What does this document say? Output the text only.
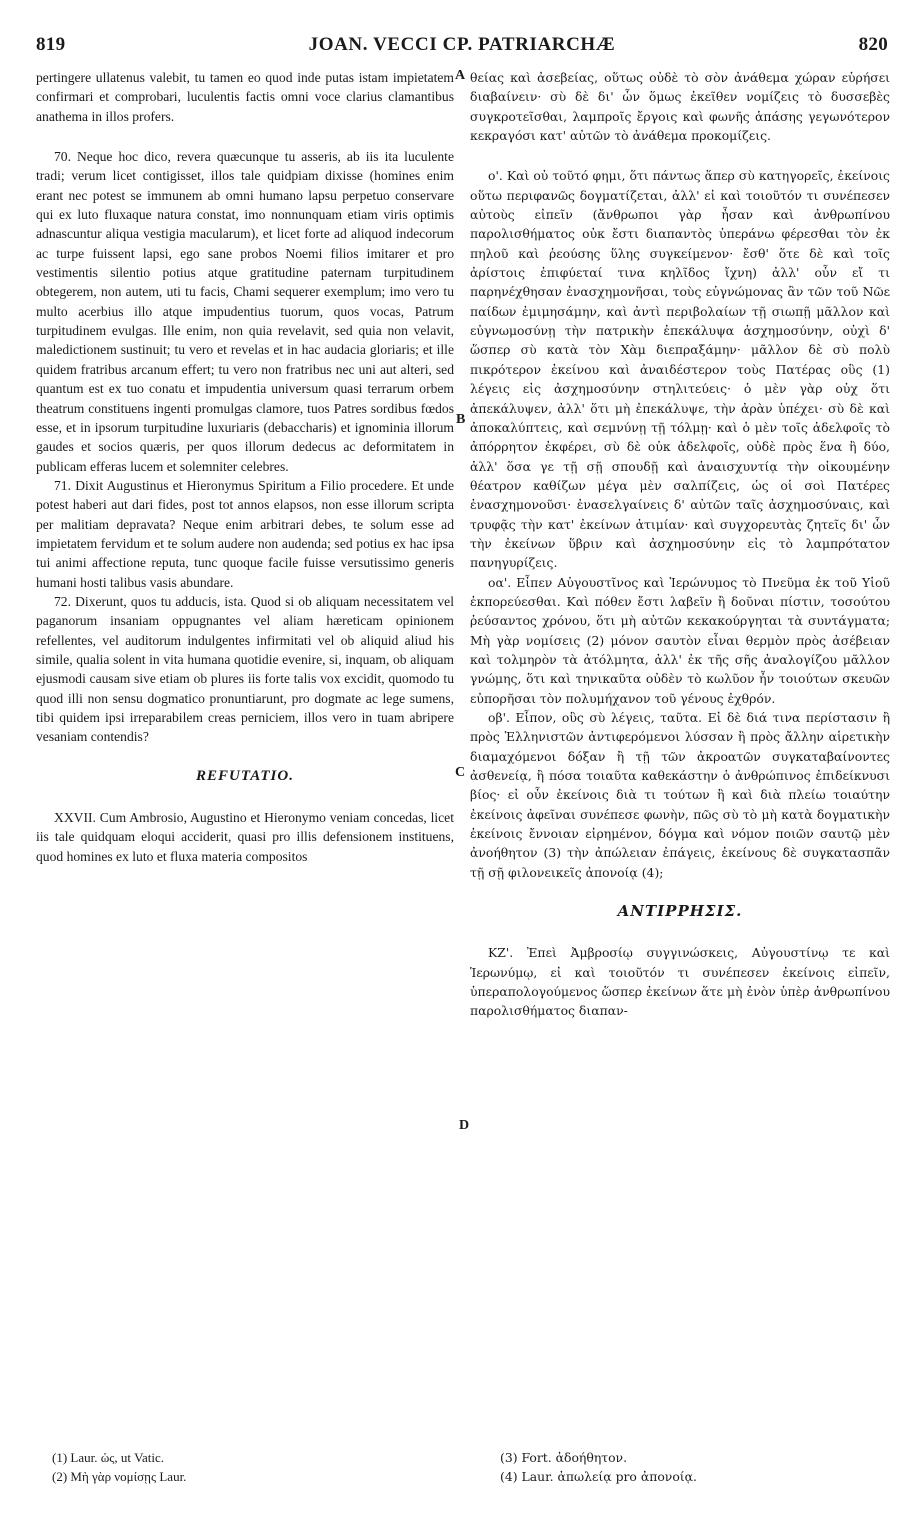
819	JOAN. VECCI CP. PATRIARCHÆ	820
A
B
C
D

pertingere ullatenus valebit, tu tamen eo quod inde putas istam impietatem confirmari et comprobari, luculentis factis omni voce clarius clamantibus anathema in illos profers.

70. Neque hoc dico, revera quæcunque tu asseris, ab iis ita luculente tradi; verum licet contigisset, illos tale quidpiam dixisse (homines enim erant nec potest se immunem ab omni humano lapsu perpetuo conservare qui ex luto fluxaque natura constat, imo nonnunquam etiam viris optimis adnascuntur aliqua vestigia macularum), et licet forte ad aliquod indecorum ac turpe fuissent lapsi, ego sane probos Noemi filios imitarer et pro vestimentis silentio potius atque gratitudine paternam turpitudinem obtegerem, non autem, uti tu facis, Chami sequerer exemplum; imo vero tu multo acerbius illo atque impudentius tuorum, quos vocas, Patrum turpitudinem evulgas. Ille enim, non quia revelavit, sed quia non velavit, maledictionem sustinuit; tu vero et revelas et in hac audacia gloriaris; et ille quidem fratribus arcanum effert; tu vero non fratribus nec uni aut alteri, sed quantum est ex tuo conatu et impudentia universum quasi terrarum orbem theatrum constituens ingenti promulgas clamore, tuos Patres sordibus fœdos esse, et in ipsorum turpitudine luxuriaris (debaccharis) et ignominia illorum gaudes et socios quæris, per quos illorum dedecus ac deformitatem in publicam efferas lucem et solemniter celebres.

71. Dixit Augustinus et Hieronymus Spiritum a Filio procedere. Et unde potest haberi aut dari fides, post tot annos elapsos, non esse illorum scripta per malitiam depravata? Neque enim arbitrari debes, te solum esse ad impietatem fervidum et te solum audere non audenda; sed potius ex hac ipsa tui animi affectione reputa, tunc quoque facile fuisse versutissimo generis humani hosti talibus vasis abundare.

72. Dixerunt, quos tu adducis, ista. Quod si ob aliquam necessitatem vel paganorum insaniam oppugnantes vel aliam hæreticam opinionem refellentes, vel auditorum indulgentes infirmitati vel ob aliquid aliud his simile, qualia solent in vita humana quotidie evenire, si, inquam, ob aliquam ejusmodi causam sive etiam ob plures iis forte talis vox excidit, quomodo tu quod illi non sensu dogmatico pronuntiarunt, pro dogmate ac lege sumens, tibi quidem ipsi irreparabilem creas perniciem, illos vero in tuam abripere vesaniam contendis?

REFUTATIO.

XXVII. Cum Ambrosio, Augustino et Hieronymo veniam concedas, licet iis tale quidquam eloqui acciderit, quasi pro illis defensionem instituens, quod homines ex luto et fluxa materia compositos

θείας καὶ ἀσεβείας, οὕτως οὐδὲ τὸ σὸν ἀνάθεμα χώραν εὑρήσει διαβαίνειν· σὺ δὲ δι' ὧν ὅμως ἐκεῖθεν νομίζεις τὸ δυσσεβὲς συγκροτεῖσθαι, λαμπροῖς ἔργοις καὶ φωνῆς ἁπάσης γεγωνότερον κεκραγόσι κατ' αὐτῶν τὸ ἀνάθεμα προκομίζεις.

ο'. Καὶ οὐ τοῦτό φημι, ὅτι πάντως ἅπερ σὺ κατηγορεῖς, ἐκείνοις οὕτω περιφανῶς δογματίζεται, ἀλλ' εἰ καὶ τοιοῦτόν τι συνέπεσεν αὐτοὺς εἰπεῖν (ἄνθρωποι γὰρ ἦσαν καὶ ἀνθρωπίνου παρολισθήματος οὐκ ἔστι διαπαντὸς ὑπεράνω φέρεσθαι τὸν ἐκ πηλοῦ καὶ ῥεούσης ὕλης συγκείμενον· ἔσθ' ὅτε δὲ καὶ τοῖς ἀρίστοις ἐπιφύεταί τινα κηλῖδος ἴχνη) ἀλλ' οὖν εἴ τι παρηνέχθησαν ἐνασχημονῆσαι, τοὺς εὐγνώμονας ἂν τῶν τοῦ Νῶε παίδων ἐμιμησάμην, καὶ ἀντὶ περιβολαίων τῇ σιωπῇ μᾶλλον καὶ εὐγνωμοσύνῃ τὴν πατρικὴν ἐπεκάλυψα ἀσχημοσύνην, οὐχὶ δ' ὥσπερ σὺ κατὰ τὸν Χὰμ διεπραξάμην· μᾶλλον δὲ σὺ πολὺ πικρότερον ἐκείνου καὶ ἀναιδέστερον τοὺς Πατέρας οὓς (1) λέγεις εἰς ἀσχημοσύνην στηλιτεύεις· ὁ μὲν γὰρ οὐχ ὅτι ἀπεκάλυψεν, ἀλλ' ὅτι μὴ ἐπεκάλυψε, τὴν ἀρὰν ὑπέχει· σὺ δὲ καὶ ἀποκαλύπτεις, καὶ σεμνύνῃ τῇ τόλμῃ· καὶ ὁ μὲν τοῖς ἀδελφοῖς τὸ ἀπόρρητον ἐκφέρει, σὺ δὲ οὐκ ἀδελφοῖς, οὐδὲ πρὸς ἕνα ἢ δύο, ἀλλ' ὅσα γε τῇ σῇ σπουδῇ καὶ ἀναισχυντίᾳ τὴν οἰκουμένην θέατρον καθίζων μέγα μὲν σαλπίζεις, ὡς οἱ σοὶ Πατέρες ἐνασχημονοῦσι· ἐνασελγαίνεις δ' αὐτῶν ταῖς ἀσχημοσύναις, καὶ τρυφᾷς τὴν κατ' ἐκείνων ἀτιμίαν· καὶ συγχορευτὰς ζητεῖς δι' ὧν τὴν ἐκείνων ὕβριν καὶ ἀσχημοσύνην εἰς τὸ λαμπρότατον πανηγυρίζεις.

οα'. Εἶπεν Αὐγουστῖνος καὶ Ἱερώνυμος τὸ Πνεῦμα ἐκ τοῦ Υἱοῦ ἐκπορεύεσθαι. Καὶ πόθεν ἔστι λαβεῖν ἢ δοῦναι πίστιν, τοσούτου ῥεύσαντος χρόνου, ὅτι μὴ αὐτῶν κεκακούργηται τὰ συντάγματα; Μὴ γὰρ νομίσεις (2) μόνον σαυτὸν εἶναι θερμὸν πρὸς ἀσέβειαν καὶ τολμηρὸν τὰ ἀτόλμητα, ἀλλ' ἐκ τῆς σῆς ἀναλογίζου μᾶλλον γνώμης, ὅτι καὶ τηνικαῦτα οὐδὲν τὸ κωλῦον ἦν τοιούτων σκευῶν εὐπορῆσαι τὸν πολυμήχανον τοῦ γένους ἐχθρόν.

οβ'. Εἶπον, οὓς σὺ λέγεις, ταῦτα. Εἰ δὲ διά τινα περίστασιν ἢ πρὸς Ἑλληνιστῶν ἀντιφερόμενοι λύσσαν ἢ πρὸς ἄλλην αἱρετικὴν διαμαχόμενοι δόξαν ἢ τῇ τῶν ἀκροατῶν συγκαταβαίνοντες ἀσθενείᾳ, ἢ πόσα τοιαῦτα καθεκάστην ὁ ἀνθρώπινος ἐπιδείκνυσι βίος· εἰ οὖν ἐκείνοις διὰ τι τούτων ἢ καὶ διὰ πλείω τοιαύτην ἐκείνοις ἀφεῖναι συνέπεσε φωνὴν, πῶς σὺ τὸ μὴ κατὰ δογματικὴν ἐκείνοις ἔννοιαν εἰρημένον, δόγμα καὶ νόμον ποιῶν σαυτῷ μὲν ἀνοήθητον (3) τὴν ἀπώλειαν ἐπάγεις, ἐκείνους δὲ συγκατασπᾶν τῇ σῇ φιλονεικεῖς ἀπονοίᾳ (4);

ΑΝΤΙΡΡΗΣΙΣ.

ΚΖ'. Ἐπεὶ Ἀμβροσίῳ συγγινώσκεις, Αὐγουστίνῳ τε καὶ Ἱερωνύμῳ, εἰ καὶ τοιοῦτόν τι συνέπεσεν ἐκείνοις εἰπεῖν, ὑπεραπολογούμενος ὥσπερ ἐκείνων ἅτε μὴ ἐνὸν ὑπὲρ ἀνθρωπίνου παρολισθήματος διαπαν-

(1) Laur. ὡς, ut Vatic.
(2) Μὴ γὰρ νομίσῃς Laur.
(3) Fort. ἀδοήθητον.
(4) Laur. ἀπωλείᾳ pro ἀπονοίᾳ.
